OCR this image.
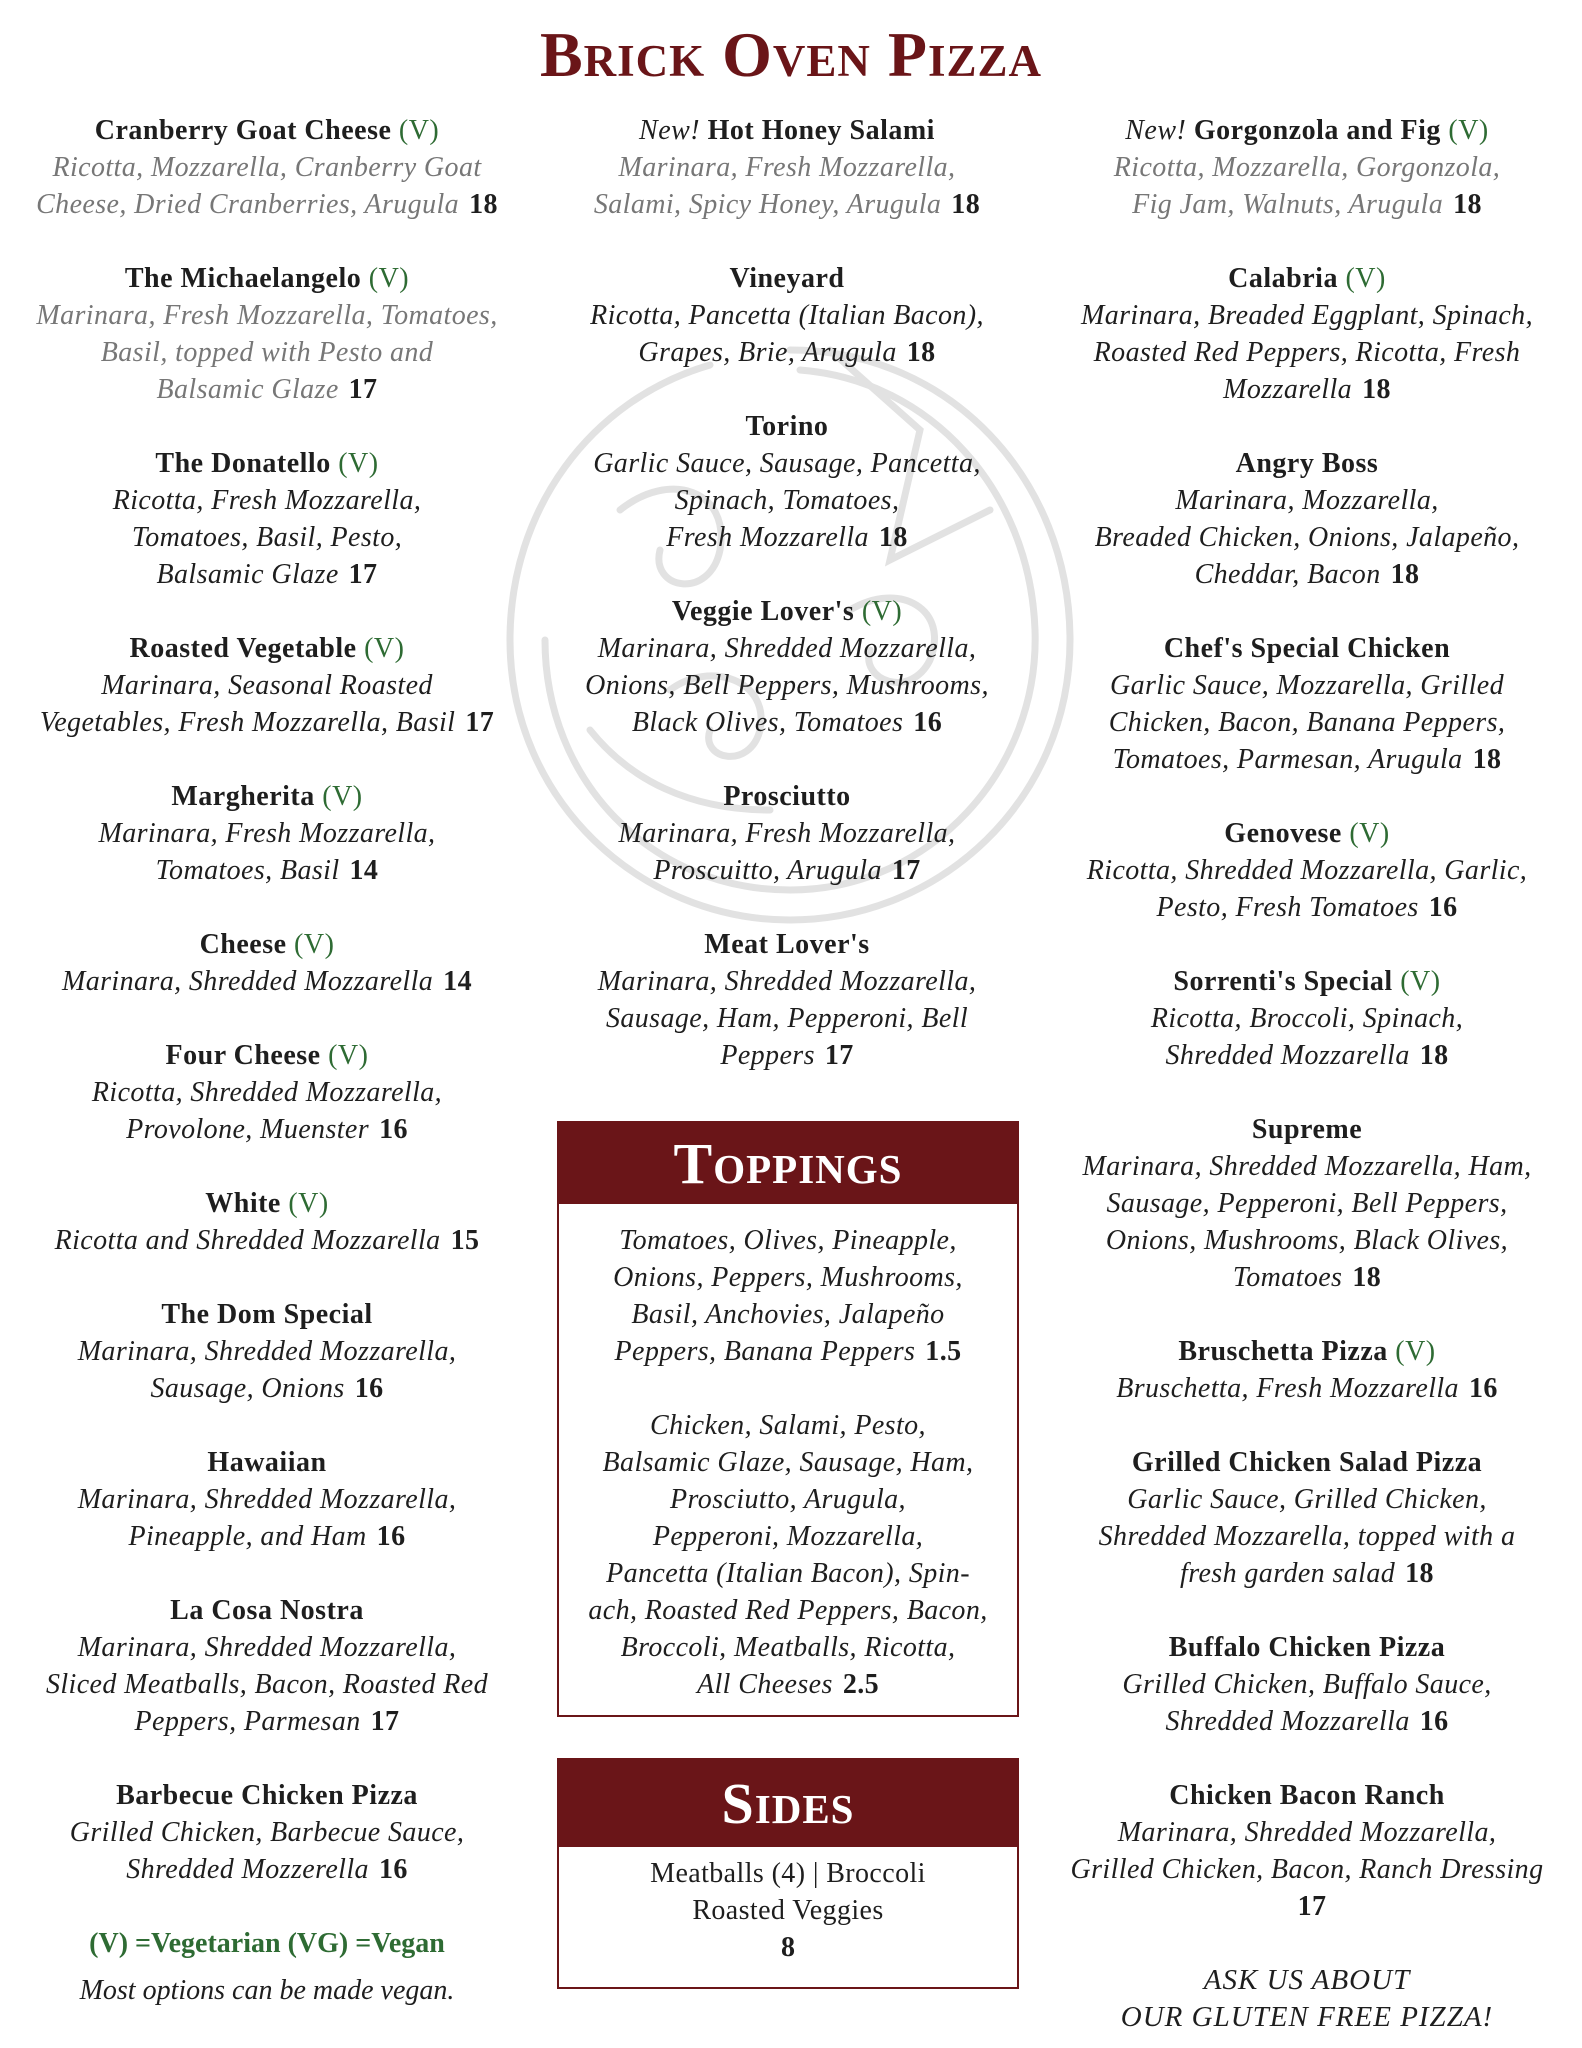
Brick Oven Pizza
Cranberry Goat Cheese (V)
Ricotta, Mozzarella, Cranberry Goat
Cheese, Dried Cranberries, Arugula 18
The Michaelangelo (V)
Marinara, Fresh Mozzarella, Tomatoes,
Basil, topped with Pesto and
Balsamic Glaze 17
The Donatello (V)
Ricotta, Fresh Mozzarella,
Tomatoes, Basil, Pesto,
Balsamic Glaze 17
Roasted Vegetable (V)
Marinara, Seasonal Roasted
Vegetables, Fresh Mozzarella, Basil 17
Margherita (V)
Marinara, Fresh Mozzarella,
Tomatoes, Basil 14
Cheese (V)
Marinara, Shredded Mozzarella 14
Four Cheese (V)
Ricotta, Shredded Mozzarella,
Provolone, Muenster 16
White (V)
Ricotta and Shredded Mozzarella 15
The Dom Special
Marinara, Shredded Mozzarella,
Sausage, Onions 16
Hawaiian
Marinara, Shredded Mozzarella,
Pineapple, and Ham 16
La Cosa Nostra
Marinara, Shredded Mozzarella,
Sliced Meatballs, Bacon, Roasted Red
Peppers, Parmesan 17
Barbecue Chicken Pizza
Grilled Chicken, Barbecue Sauce,
Shredded Mozzerella 16
(V) =Vegetarian (VG) =Vegan
Most options can be made vegan.
New! Hot Honey Salami
Marinara, Fresh Mozzarella,
Salami, Spicy Honey, Arugula 18
Vineyard
Ricotta, Pancetta (Italian Bacon),
Grapes, Brie, Arugula 18
Torino
Garlic Sauce, Sausage, Pancetta,
Spinach, Tomatoes,
Fresh Mozzarella 18
Veggie Lover's (V)
Marinara, Shredded Mozzarella,
Onions, Bell Peppers, Mushrooms,
Black Olives, Tomatoes 16
Prosciutto
Marinara, Fresh Mozzarella,
Proscuitto, Arugula 17
Meat Lover's
Marinara, Shredded Mozzarella,
Sausage, Ham, Pepperoni, Bell
Peppers 17
New! Gorgonzola and Fig (V)
Ricotta, Mozzarella, Gorgonzola,
Fig Jam, Walnuts, Arugula 18
Calabria (V)
Marinara, Breaded Eggplant, Spinach,
Roasted Red Peppers, Ricotta, Fresh
Mozzarella 18
Angry Boss
Marinara, Mozzarella,
Breaded Chicken, Onions, Jalapeño,
Cheddar, Bacon 18
Chef's Special Chicken
Garlic Sauce, Mozzarella, Grilled
Chicken, Bacon, Banana Peppers,
Tomatoes, Parmesan, Arugula 18
Genovese (V)
Ricotta, Shredded Mozzarella, Garlic,
Pesto, Fresh Tomatoes 16
Sorrenti's Special (V)
Ricotta, Broccoli, Spinach,
Shredded Mozzarella 18
Supreme
Marinara, Shredded Mozzarella, Ham,
Sausage, Pepperoni, Bell Peppers,
Onions, Mushrooms, Black Olives,
Tomatoes 18
Bruschetta Pizza (V)
Bruschetta, Fresh Mozzarella 16
Grilled Chicken Salad Pizza
Garlic Sauce, Grilled Chicken,
Shredded Mozzarella, topped with a
fresh garden salad 18
Buffalo Chicken Pizza
Grilled Chicken, Buffalo Sauce,
Shredded Mozzarella 16
Chicken Bacon Ranch
Marinara, Shredded Mozzarella,
Grilled Chicken, Bacon, Ranch Dressing
17
ASK US ABOUT
OUR GLUTEN FREE PIZZA!
Toppings
Tomatoes, Olives, Pineapple,
Onions, Peppers, Mushrooms,
Basil, Anchovies, Jalapeño
Peppers, Banana Peppers 1.5
Chicken, Salami, Pesto,
Balsamic Glaze, Sausage, Ham,
Prosciutto, Arugula,
Pepperoni, Mozzarella,
Pancetta (Italian Bacon), Spin-
ach, Roasted Red Peppers, Bacon,
Broccoli, Meatballs, Ricotta,
All Cheeses 2.5
Sides
Meatballs (4) | Broccoli
Roasted Veggies
8
